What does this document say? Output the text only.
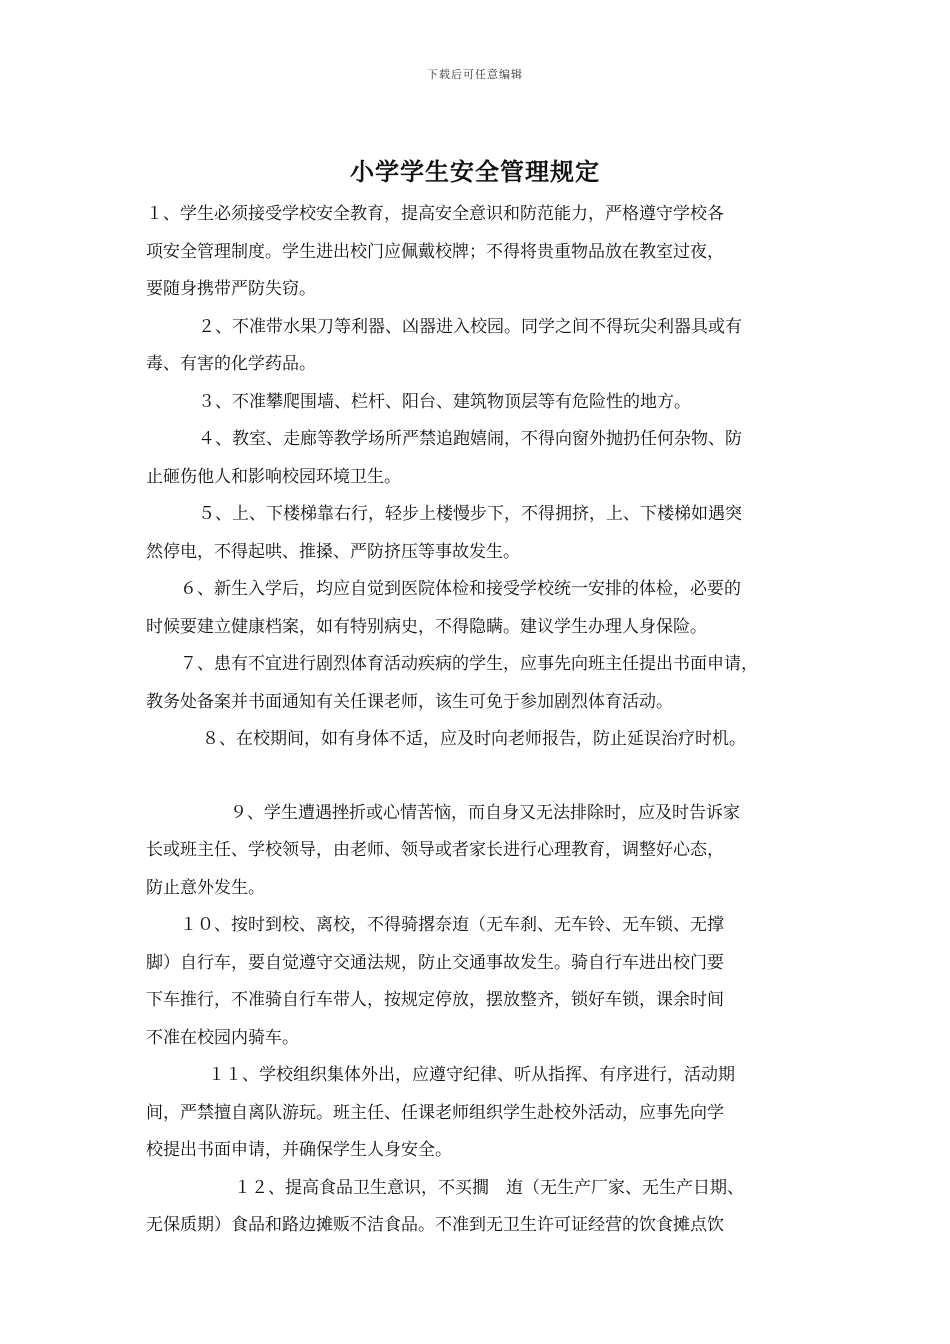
下载后可任意编辑
小学学生安全管理规定
１、学生必须接受学校安全教育，提高安全意识和防范能力，严格遵守学校各
项安全管理制度。学生进出校门应佩戴校牌；不得将贵重物品放在教室过夜，
要随身携带严防失窃。
２、不准带水果刀等利器、凶器进入校园。同学之间不得玩尖利器具或有
毒、有害的化学药品。
３、不准攀爬围墙、栏杆、阳台、建筑物顶层等有危险性的地方。
４、教室、走廊等教学场所严禁追跑嬉闹，不得向窗外抛扔任何杂物、防
止砸伤他人和影响校园环境卫生。
５、上、下楼梯靠右行，轻步上楼慢步下，不得拥挤，上、下楼梯如遇突
然停电，不得起哄、推搡、严防挤压等事故发生。
６、新生入学后，均应自觉到医院体检和接受学校统一安排的体检，必要的
时候要建立健康档案，如有特别病史，不得隐瞒。建议学生办理人身保险。
７、患有不宜进行剧烈体育活动疾病的学生，应事先向班主任提出书面申请，
教务处备案并书面通知有关任课老师，该生可免于参加剧烈体育活动。
８、在校期间，如有身体不适，应及时向老师报告，防止延误治疗时机。
９、学生遭遇挫折或心情苦恼，而自身又无法排除时，应及时告诉家
长或班主任、学校领导，由老师、领导或者家长进行心理教育，调整好心态，
防止意外发生。
１０、按时到校、离校，不得骑撂奈迶（无车刹、无车铃、无车锁、无撑
脚）自行车，要自觉遵守交通法规，防止交通事故发生。骑自行车进出校门要
下车推行，不准骑自行车带人，按规定停放，摆放整齐，锁好车锁，课余时间
不准在校园内骑车。
１１、学校组织集体外出，应遵守纪律、听从指挥、有序进行，活动期
间，严禁擅自离队游玩。班主任、任课老师组织学生赴校外活动，应事先向学
校提出书面申请，并确保学生人身安全。
１２、提高食品卫生意识，不买撊　迶（无生产厂家、无生产日期、
无保质期）食品和路边摊贩不洁食品。不准到无卫生许可证经营的饮食摊点饮
